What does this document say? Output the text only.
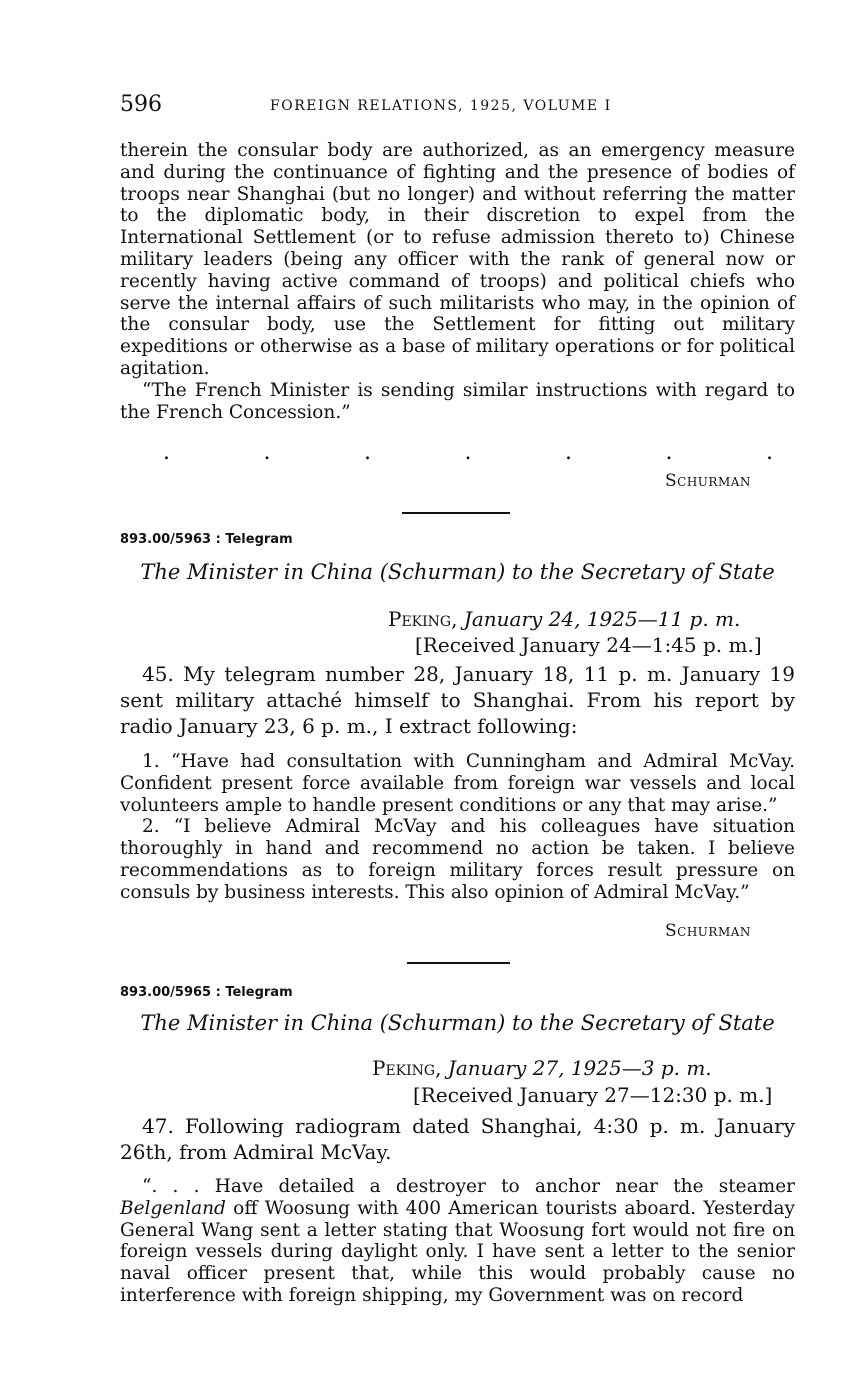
596	FOREIGN RELATIONS, 1925, VOLUME I

therein the consular body are authorized, as an emergency measure and during the continuance of fighting and the presence of bodies of troops near Shanghai (but no longer) and without referring the matter to the diplomatic body, in their discretion to expel from the International Settlement (or to refuse admission thereto to) Chinese military leaders (being any officer with the rank of general now or recently having active command of troops) and political chiefs who serve the internal affairs of such militarists who may, in the opinion of the consular body, use the Settlement for fitting out military expeditions or otherwise as a base of military operations or for political agitation.

“The French Minister is sending similar instructions with regard to the French Concession.”

.	.	.	.	.	.	.
Schurman
893.00/5963 : Telegram
The Minister in China (Schurman) to the Secretary of State
Peking, January 24, 1925—11 p. m.
[Received January 24—1:45 p. m.]

45. My telegram number 28, January 18, 11 p. m. January 19 sent military attaché himself to Shanghai. From his report by radio January 23, 6 p. m., I extract following:

1. “Have had consultation with Cunningham and Admiral McVay. Confident present force available from foreign war vessels and local volunteers ample to handle present conditions or any that may arise.”

2. “I believe Admiral McVay and his colleagues have situation thoroughly in hand and recommend no action be taken. I believe recommendations as to foreign military forces result pressure on consuls by business interests. This also opinion of Admiral McVay.”

Schurman
893.00/5965 : Telegram
The Minister in China (Schurman) to the Secretary of State
Peking, January 27, 1925—3 p. m.
[Received January 27—12:30 p. m.]

47. Following radiogram dated Shanghai, 4:30 p. m. January 26th, from Admiral McVay.

“. . . Have detailed a destroyer to anchor near the steamer Belgenland off Woosung with 400 American tourists aboard. Yesterday General Wang sent a letter stating that Woosung fort would not fire on foreign vessels during daylight only. I have sent a letter to the senior naval officer present that, while this would probably cause no interference with foreign shipping, my Government was on record
